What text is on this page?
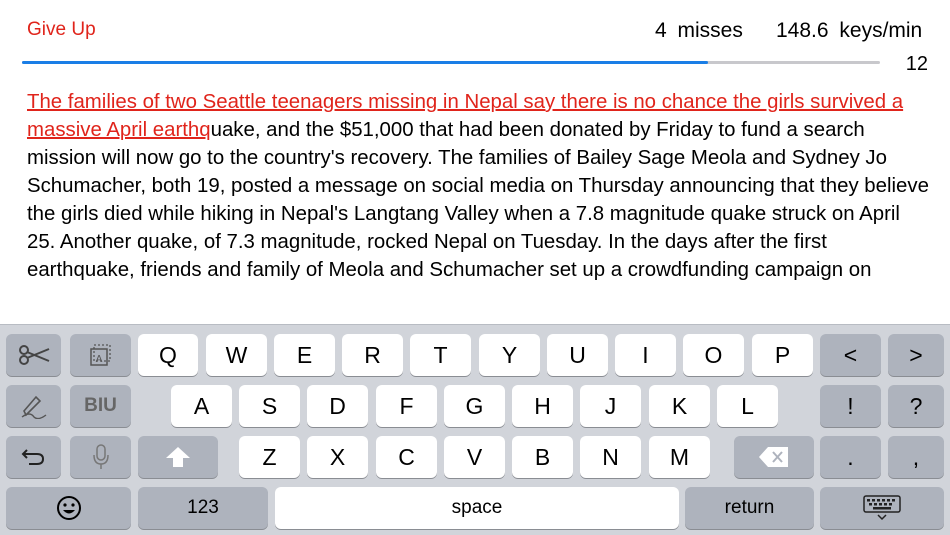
Give Up	4 misses 148.6 keys/min
12

The families of two Seattle teenagers missing in Nepal say there is no chance the girls survived a massive April earthquake, and the $51,000 that had been donated by Friday to fund a search mission will now go to the country's recovery. The families of Bailey Sage Meola and Sydney Jo Schumacher, both 19, posted a message on social media on Thursday announcing that they believe the girls died while hiking in Nepal's Langtang Valley when a 7.8 magnitude quake struck on April 25. Another quake, of 7.3 magnitude, rocked Nepal on Tuesday. In the days after the first earthquake, friends and family of Meola and Schumacher set up a crowdfunding campaign on

A	Q	W	E	R	T	Y	U	I	O	P	<	>
BIU	A	S	D	F	G	H	J	K	L	!	?
Z	X	C	V	B	N	M	.	,
123	space	return
